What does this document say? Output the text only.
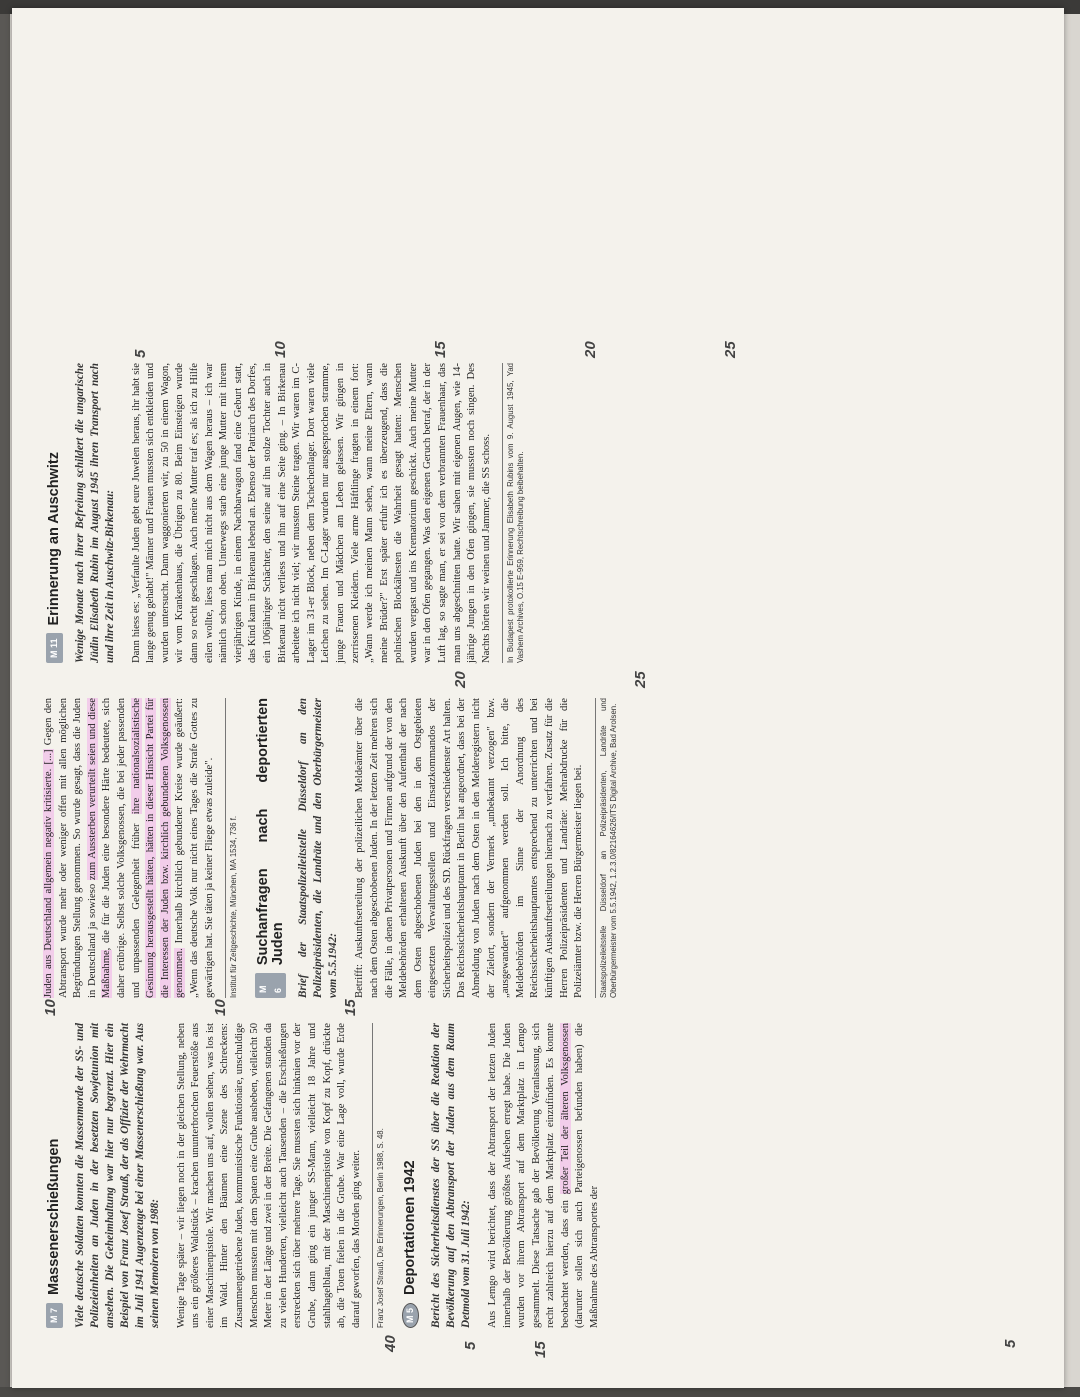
M 7
Massenerschießungen Viele deutsche Soldaten konnten die Massenmorde der SS- und Polizeieinheiten an Juden in der besetzten Sowjetunion mit ansehen. Die Geheimhaltung war hier nur begrenzt. Hier ein Beispiel von Franz Josef Strauß, der als Offizier der Wehrmacht im Juli 1941 Augenzeuge bei einer Massenerschießung war. Aus seinen Memoiren von 1988: Wenige Tage später – wir liegen noch in der gleichen Stellung, neben uns ein größeres Waldstück – krachen ununterbrochen Feuerstöße aus einer Maschinenpistole. Wir machen uns auf, wollen sehen, was los ist im Wald. Hinter den Bäumen eine Szene des Schreckens: Zusammengetriebene Juden, kommunistische Funktionäre, unschuldige Menschen mussten mit dem Spaten eine Grube ausheben, vielleicht 50 Meter in der Länge und zwei in der Breite. Die Gefangenen standen da zu vielen Hunderten, vielleicht auch Tausenden – die Erschießungen erstreckten sich über mehrere Tage. Sie mussten sich hinknien vor der Grube, dann ging ein junger SS-Mann, vielleicht 18 Jahre und stahlhagelblau, mit der Maschinenpistole von Kopf zu Kopf, drückte ab, die Toten fielen in die Grube. War eine Lage voll, wurde Erde darauf geworfen, das Morden ging weiter.	Franz Josef Strauß, Die Erinnerungen, Berlin 1988, S. 48.	M 5
Deportationen 1942 Bericht des Sicherheitsdienstes der SS über die Reaktion der Bevölkerung auf den Abtransport der Juden aus dem Raum Detmold vom 31. Juli 1942: Aus Lemgo wird berichtet, dass der Abtransport der letzten Juden innerhalb der Bevölkerung größtes Aufsehen erregt habe. Die Juden wurden vor ihrem Abtransport auf dem Marktplatz in Lemgo gesammelt. Diese Tatsache gab der Bevölkerung Veranlassung, sich recht zahlreich hierzu auf dem Marktplatz einzufinden. Es konnte beobachtet werden, dass ein großer Teil der älteren Volksgenossen (darunter sollen sich auch Parteigenossen befunden haben) die Maßnahme des Abtransportes der

Juden aus Deutschland allgemein negativ kritisierte. [...] Gegen den Abtransport wurde mehr oder weniger offen mit allen möglichen Begründungen Stellung genommen. So wurde gesagt, dass die Juden in Deutschland ja sowieso zum Aussterben verurteilt seien und diese Maßnahme, die für die Juden eine besondere Härte bedeutete, sich daher erübrige. Selbst solche Volksgenossen, die bei jeder passenden und unpassenden Gelegenheit früher ihre nationalsozialistische Gesinnung herausgestellt hätten, hätten in dieser Hinsicht Partei für die Interessen der Juden bzw. kirchlich gebundenen Volksgenossen genommen. Innerhalb kirchlich gebundener Kreise wurde geäußert: „Wenn das deutsche Volk nur nicht eines Tages die Strafe Gottes zu gewärtigen hat. Sie täten ja keiner Fliege etwas zuleide".	Institut für Zeitgeschichte, München, MA 1534, 736 f.	M 6
Suchanfragen nach deportierten Juden Brief der Staatspolizeileitstelle Düsseldorf an den Polizeipräsidenten, die Landräte und den Oberbürgermeister vom 5.5.1942: Betrifft: Auskunftserteilung der polizeilichen Meldeämter über die nach dem Osten abgeschobenen Juden. In der letzten Zeit mehren sich die Fälle, in denen Privatpersonen und Firmen aufgrund der von den Meldebehörden erhaltenen Auskunft über den Aufenthalt der nach dem Osten abgeschobenen Juden bei den in den Ostgebieten eingesetzten Verwaltungsstellen und Einsatzkommandos der Sicherheitspolizei und des SD. Rückfragen verschiedenster Art halten. Das Reichssicherheitshauptamt in Berlin hat angeordnet, dass bei der Abmeldung von Juden nach dem Osten in den Melderegistern nicht der Zielort, sondern der Vermerk „unbekannt verzogen" bzw. „ausgewandert" aufgenommen werden soll. Ich bitte, die Meldebehörden im Sinne der Anordnung des Reichssicherheitshauptamtes entsprechend zu unterrichten und bei künftigen Auskunftserteilungen hiernach zu verfahren. Zusatz für die Herren Polizeipräsidenten und Landräte: Mehrabdrucke für die Polizeiämter bzw. die Herren Bürgermeister liegen bei.	Staatspolizeileitstelle Düsseldorf an Polizeipräsidenten, Landräte und Oberbürgermeister vom 5.5.1942, 1.2.3.0/82164626/ITS Digital Archive, Bad Arolsen.
M 11
Erinnerung an Auschwitz Wenige Monate nach ihrer Befreiung schildert die ungarische Jüdin Elisabeth Rubin im August 1945 ihren Transport nach und ihre Zeit in Auschwitz-Birkenau: Dann hiess es: „Verfaulte Juden gebt eure Juwelen heraus, ihr habt sie lange genug gehabt!" Männer und Frauen mussten sich entkleiden und wurden untersucht. Dann waggonierten wir, zu 50 in einem Wagon, wir vom Krankenhaus, die Übrigen zu 80. Beim Einsteigen wurde dann so recht geschlagen. Auch meine Mutter traf es; als ich zu Hilfe eilen wollte, liess man mich nicht aus dem Wagen heraus – ich war nämlich schon oben. Unterwegs starb eine junge Mutter mit ihrem vierjährigen Kinde, in einem Nachbarwagon fand eine Geburt statt, das Kind kam in Birkenau lebend an. Ebenso der Patriarch des Dorfes, ein 106jähriger Schächter, den seine auf ihn stolze Tochter auch in Birkenau nicht verliess und ihn auf eine Seite ging. – In Birkenau arbeitete ich nicht viel; wir mussten Steine tragen. Wir waren im C-Lager im 31-er Block, neben dem Tschechenlager. Dort waren viele Leichen zu sehen. Im C-Lager wurden nur ausgesprochen stramme, junge Frauen und Mädchen am Leben gelassen. Wir gingen in zerrissenen Kleidern. Viele arme Häftlinge fragten in einem fort: „Wann werde ich meinen Mann sehen, wann meine Eltern, wann meine Brüder?" Erst später erfuhr ich es überzeugend, dass die polnischen Blockältesten die Wahrheit gesagt hatten: Menschen wurden vergast und ins Krematorium geschickt. Auch meine Mutter war in den Ofen gegangen. Was den eigenen Geruch betraf, der in der Luft lag, so sagte man, er sei von dem verbrannten Frauenhaar, das man uns abgeschnitten hatte. Wir sahen mit eigenen Augen, wie 14-jährige Jungen in den Ofen gingen, sie mussten noch singen. Des Nachts hörten wir weinen und Jammer, die SS schoss.	In Budapest protokollierte Erinnerung Elisabeth Rubins vom 9. August 1945, Yad Vashem Archives, O.15 E-959, Rechtschreibung beibehalten.
5	15
40	5
10	10	15
20	25
5	10	15	20	25
